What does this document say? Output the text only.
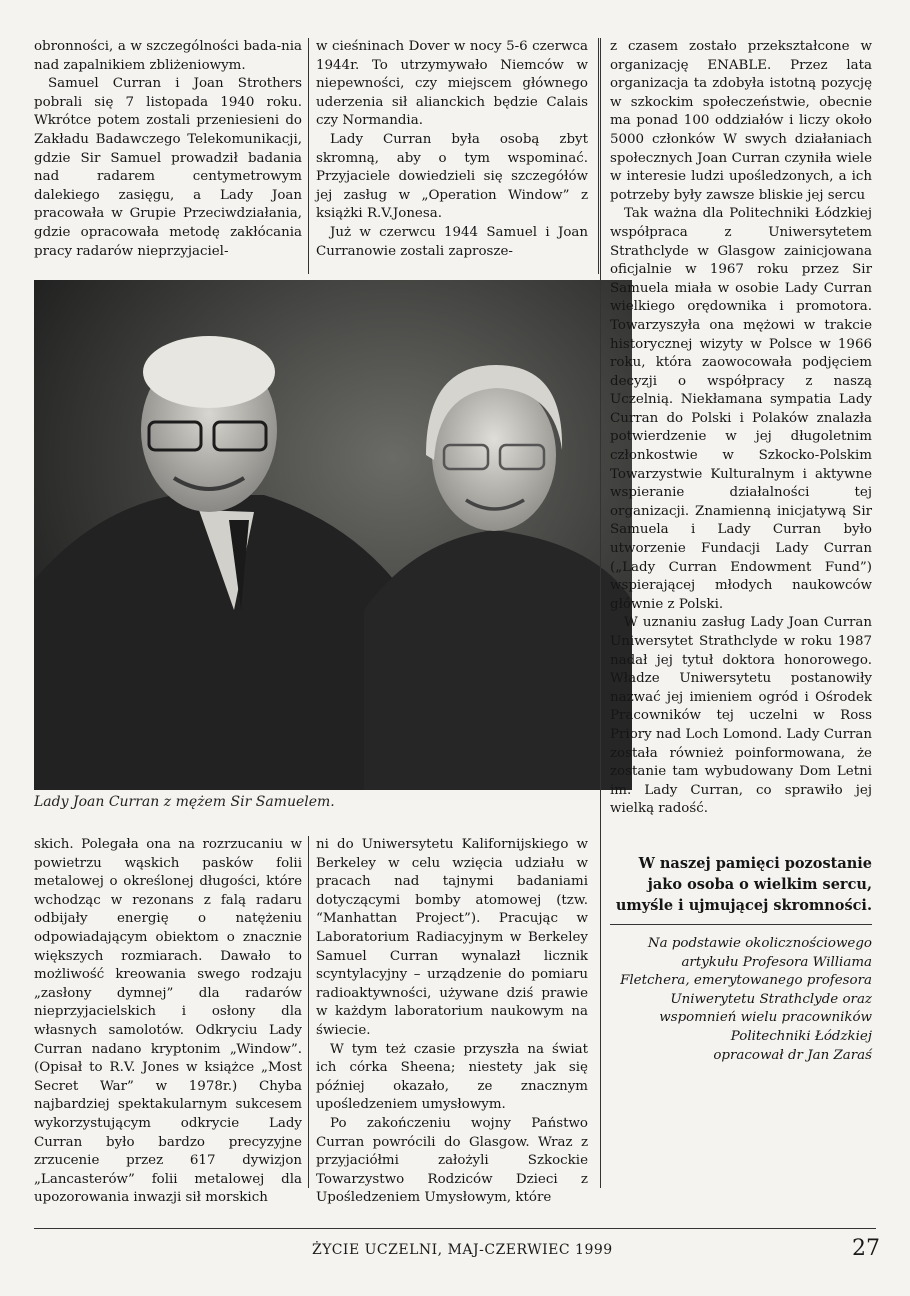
obronności, a w szczególności bada-nia nad zapalnikiem zbliżeniowym.

Samuel Curran i Joan Strothers pobrali się 7 listopada 1940 roku. Wkrótce potem zostali przeniesieni do Zakładu Badawczego Telekomunikacji, gdzie Sir Samuel prowadził badania nad radarem centymetrowym dalekiego zasięgu, a Lady Joan pracowała w Grupie Przeciwdziałania, gdzie opracowała metodę zakłócania pracy radarów nieprzyjaciel-

w cieśninach Dover w nocy 5-6 czerwca 1944r. To utrzymywało Niemców w niepewności, czy miejscem głównego uderzenia sił alianckich będzie Calais czy Normandia.

Lady Curran była osobą zbyt skromną, aby o tym wspominać. Przyjaciele dowiedzieli się szczegółów jej zasług w „Operation Window” z książki R.V.Jonesa.

Już w czerwcu 1944 Samuel i Joan Curranowie zostali zaprosze-

Lady Joan Curran z mężem Sir Samuelem.

z czasem zostało przekształcone w organizację ENABLE. Przez lata organizacja ta zdobyła istotną pozycję w szkockim społeczeństwie, obecnie ma ponad 100 oddziałów i liczy około 5000 członków W swych działaniach społecznych Joan Curran czyniła wiele w interesie ludzi upośledzonych, a ich potrzeby były zawsze bliskie jej sercu

Tak ważna dla Politechniki Łódzkiej współpraca z Uniwersytetem Strathclyde w Glasgow zainicjowana oficjalnie w 1967 roku przez Sir Samuela miała w osobie Lady Curran wielkiego orędownika i promotora. Towarzyszyła ona mężowi w trakcie historycznej wizyty w Polsce w 1966 roku, która zaowocowała podjęciem decyzji o współpracy z naszą Uczelnią. Niekłamana sympatia Lady Curran do Polski i Polaków znalazła potwierdzenie w jej długoletnim członkostwie w Szkocko-Polskim Towarzystwie Kulturalnym i aktywne wspieranie działalności tej organizacji. Znamienną inicjatywą Sir Samuela i Lady Curran było utworzenie Fundacji Lady Curran („Lady Curran Endowment Fund”) wspierającej młodych naukowców głównie z Polski.

W uznaniu zasług Lady Joan Curran Uniwersytet Strathclyde w roku 1987 nadał jej tytuł doktora honorowego. Władze Uniwersytetu postanowiły nazwać jej imieniem ogród i Ośrodek Pracowników tej uczelni w Ross Priory nad Loch Lomond. Lady Curran została również poinformowana, że zostanie tam wybudowany Dom Letni im. Lady Curran, co sprawiło jej wielką radość.

W naszej pamięci pozostanie jako osoba o wielkim sercu, umyśle i ujmującej skromności.
Na podstawie okolicznościowego artykułu Profesora Williama Fletchera, emerytowanego profesora Uniwerytetu Strathclyde oraz wspomnień wielu pracowników Politechniki Łódzkiej
opracował dr Jan Zaraś

skich. Polegała ona na rozrzucaniu w powietrzu wąskich pasków folii metalowej o określonej długości, które wchodząc w rezonans z falą radaru odbijały energię o natężeniu odpowiadającym obiektom o znacznie większych rozmiarach. Dawało to możliwość kreowania swego rodzaju „zasłony dymnej” dla radarów nieprzyjacielskich i osłony dla własnych samolotów. Odkryciu Lady Curran nadano kryptonim „Window”.(Opisał to R.V. Jones w książce „Most Secret War” w 1978r.) Chyba najbardziej spektakularnym sukcesem wykorzystującym odkrycie Lady Curran było bardzo precyzyjne zrzucenie przez 617 dywizjon „Lancasterów” folii metalowej dla upozorowania inwazji sił morskich

ni do Uniwersytetu Kalifornijskiego w Berkeley w celu wzięcia udziału w pracach nad tajnymi badaniami dotyczącymi bomby atomowej (tzw. “Manhattan Project”). Pracując w Laboratorium Radiacyjnym w Berkeley Samuel Curran wynalazł licznik scyntylacyjny – urządzenie do pomiaru radioaktywności, używane dziś prawie w każdym laboratorium naukowym na świecie.

W tym też czasie przyszła na świat ich córka Sheena; niestety jak się później okazało, ze znacznym upośledzeniem umysłowym.

Po zakończeniu wojny Państwo Curran powrócili do Glasgow. Wraz z przyjaciółmi założyli Szkockie Towarzystwo Rodziców Dzieci z Upośledzeniem Umysłowym, które

ŻYCIE UCZELNI, MAJ-CZERWIEC 1999	27
